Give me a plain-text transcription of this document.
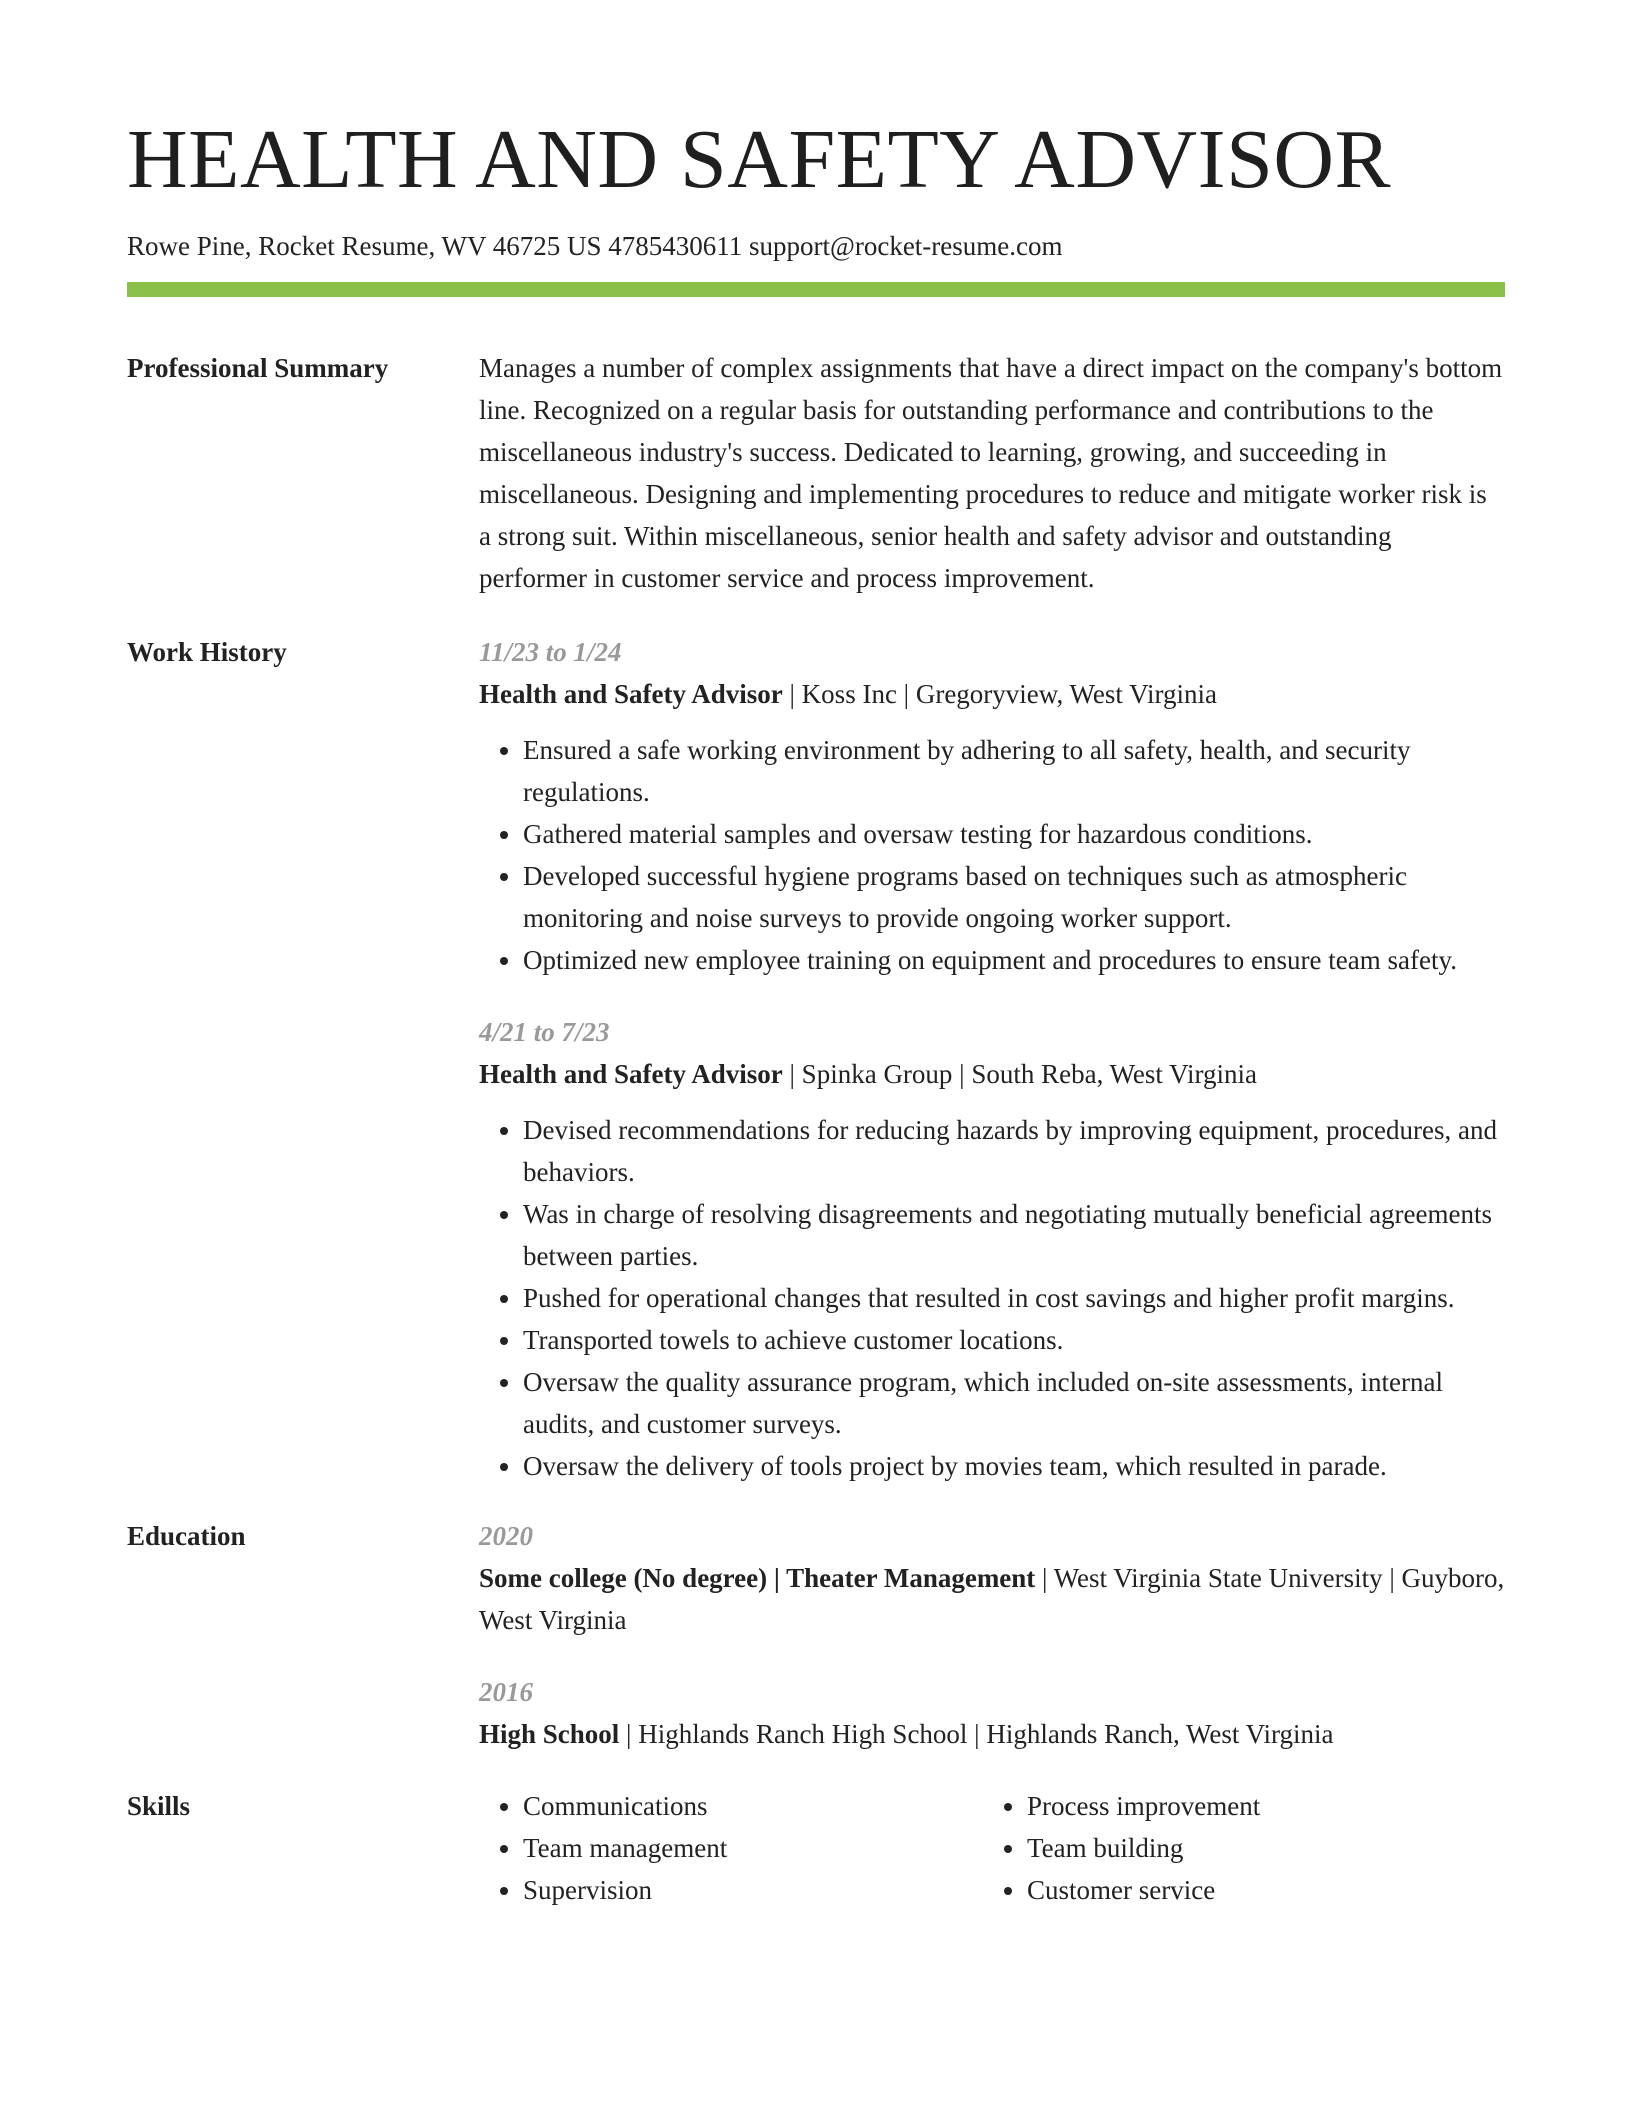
HEALTH AND SAFETY ADVISOR
Rowe Pine, Rocket Resume, WV 46725 US 4785430611 support@rocket-resume.com
Professional Summary	Manages a number of complex assignments that have a direct impact on the company's bottom line. Recognized on a regular basis for outstanding performance and contributions to the miscellaneous industry's success. Dedicated to learning, growing, and succeeding in miscellaneous. Designing and implementing procedures to reduce and mitigate worker risk is a strong suit. Within miscellaneous, senior health and safety advisor and outstanding performer in customer service and process improvement.
Work History	11/23 to 1/24
Health and Safety Advisor | Koss Inc | Gregoryview, West Virginia
• Ensured a safe working environment by adhering to all safety, health, and security regulations.
• Gathered material samples and oversaw testing for hazardous conditions.
• Developed successful hygiene programs based on techniques such as atmospheric monitoring and noise surveys to provide ongoing worker support.
• Optimized new employee training on equipment and procedures to ensure team safety.
4/21 to 7/23
Health and Safety Advisor | Spinka Group | South Reba, West Virginia
• Devised recommendations for reducing hazards by improving equipment, procedures, and behaviors.
• Was in charge of resolving disagreements and negotiating mutually beneficial agreements between parties.
• Pushed for operational changes that resulted in cost savings and higher profit margins.
• Transported towels to achieve customer locations.
• Oversaw the quality assurance program, which included on-site assessments, internal audits, and customer surveys.
• Oversaw the delivery of tools project by movies team, which resulted in parade.
Education	2020
Some college (No degree) | Theater Management | West Virginia State University | Guyboro, West Virginia
2016
High School | Highlands Ranch High School | Highlands Ranch, West Virginia
Skills
•	Communications
• Team management
• Supervision
• Process improvement
• Team building
• Customer service
